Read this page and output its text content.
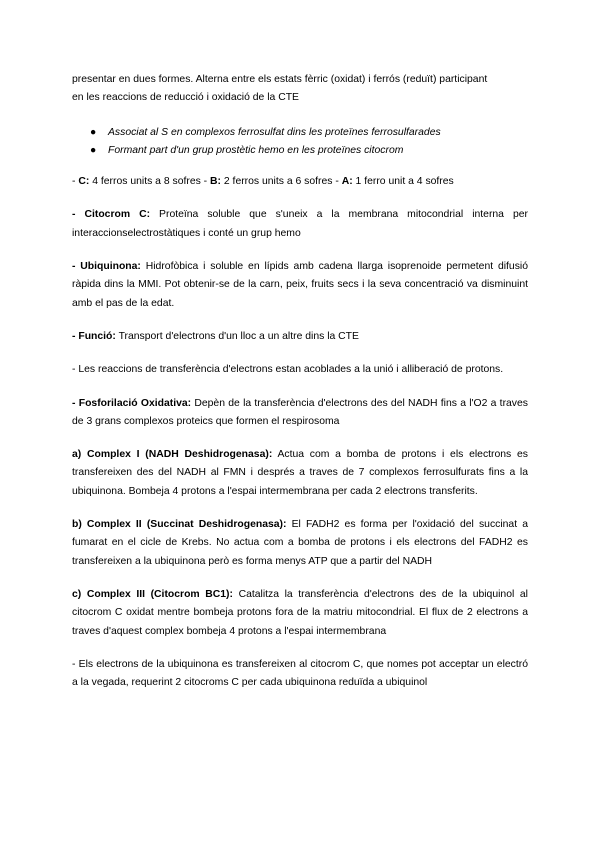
presentar en dues formes. Alterna entre els estats fèrric (oxidat) i ferrós (reduït) participant
en les reaccions de reducció i oxidació de la CTE

● Associat al S en complexos ferrosulfat dins les proteïnes ferrosulfarades
● Formant part d'un grup prostètic hemo en les proteïnes citocrom

- C: 4 ferros units a 8 sofres - B: 2 ferros units a 6 sofres - A: 1 ferro unit a 4 sofres

- Citocrom C: Proteïna soluble que s'uneix a la membrana mitocondrial interna per interaccionselectrostàtiques i conté un grup hemo

- Ubiquinona: Hidrofòbica i soluble en lípids amb cadena llarga isoprenoide permetent difusió ràpida dins la MMI. Pot obtenir-se de la carn, peix, fruits secs i la seva concentració va disminuint amb el pas de la edat.

- Funció: Transport d'electrons d'un lloc a un altre dins la CTE

- Les reaccions de transferència d'electrons estan acoblades a la unió i alliberació de protons.

- Fosforilació Oxidativa: Depèn de la transferència d'electrons des del NADH fins a l'O2 a traves de 3 grans complexos proteics que formen el respirosoma

a) Complex I (NADH Deshidrogenasa): Actua com a bomba de protons i els electrons es transfereixen des del NADH al FMN i després a traves de 7 complexos ferrosulfurats fins a la ubiquinona. Bombeja 4 protons a l'espai intermembrana per cada 2 electrons transferits.

b) Complex II (Succinat Deshidrogenasa): El FADH2 es forma per l'oxidació del succinat a fumarat en el cicle de Krebs. No actua com a bomba de protons i els electrons del FADH2 es transfereixen a la ubiquinona però es forma menys ATP que a partir del NADH

c) Complex III (Citocrom BC1): Catalitza la transferència d'electrons des de la ubiquinol al citocrom C oxidat mentre bombeja protons fora de la matriu mitocondrial. El flux de 2 electrons a traves d'aquest complex bombeja 4 protons a l'espai intermembrana

- Els electrons de la ubiquinona es transfereixen al citocrom C, que nomes pot acceptar un electró a la vegada, requerint 2 citocroms C per cada ubiquinona reduïda a ubiquinol
